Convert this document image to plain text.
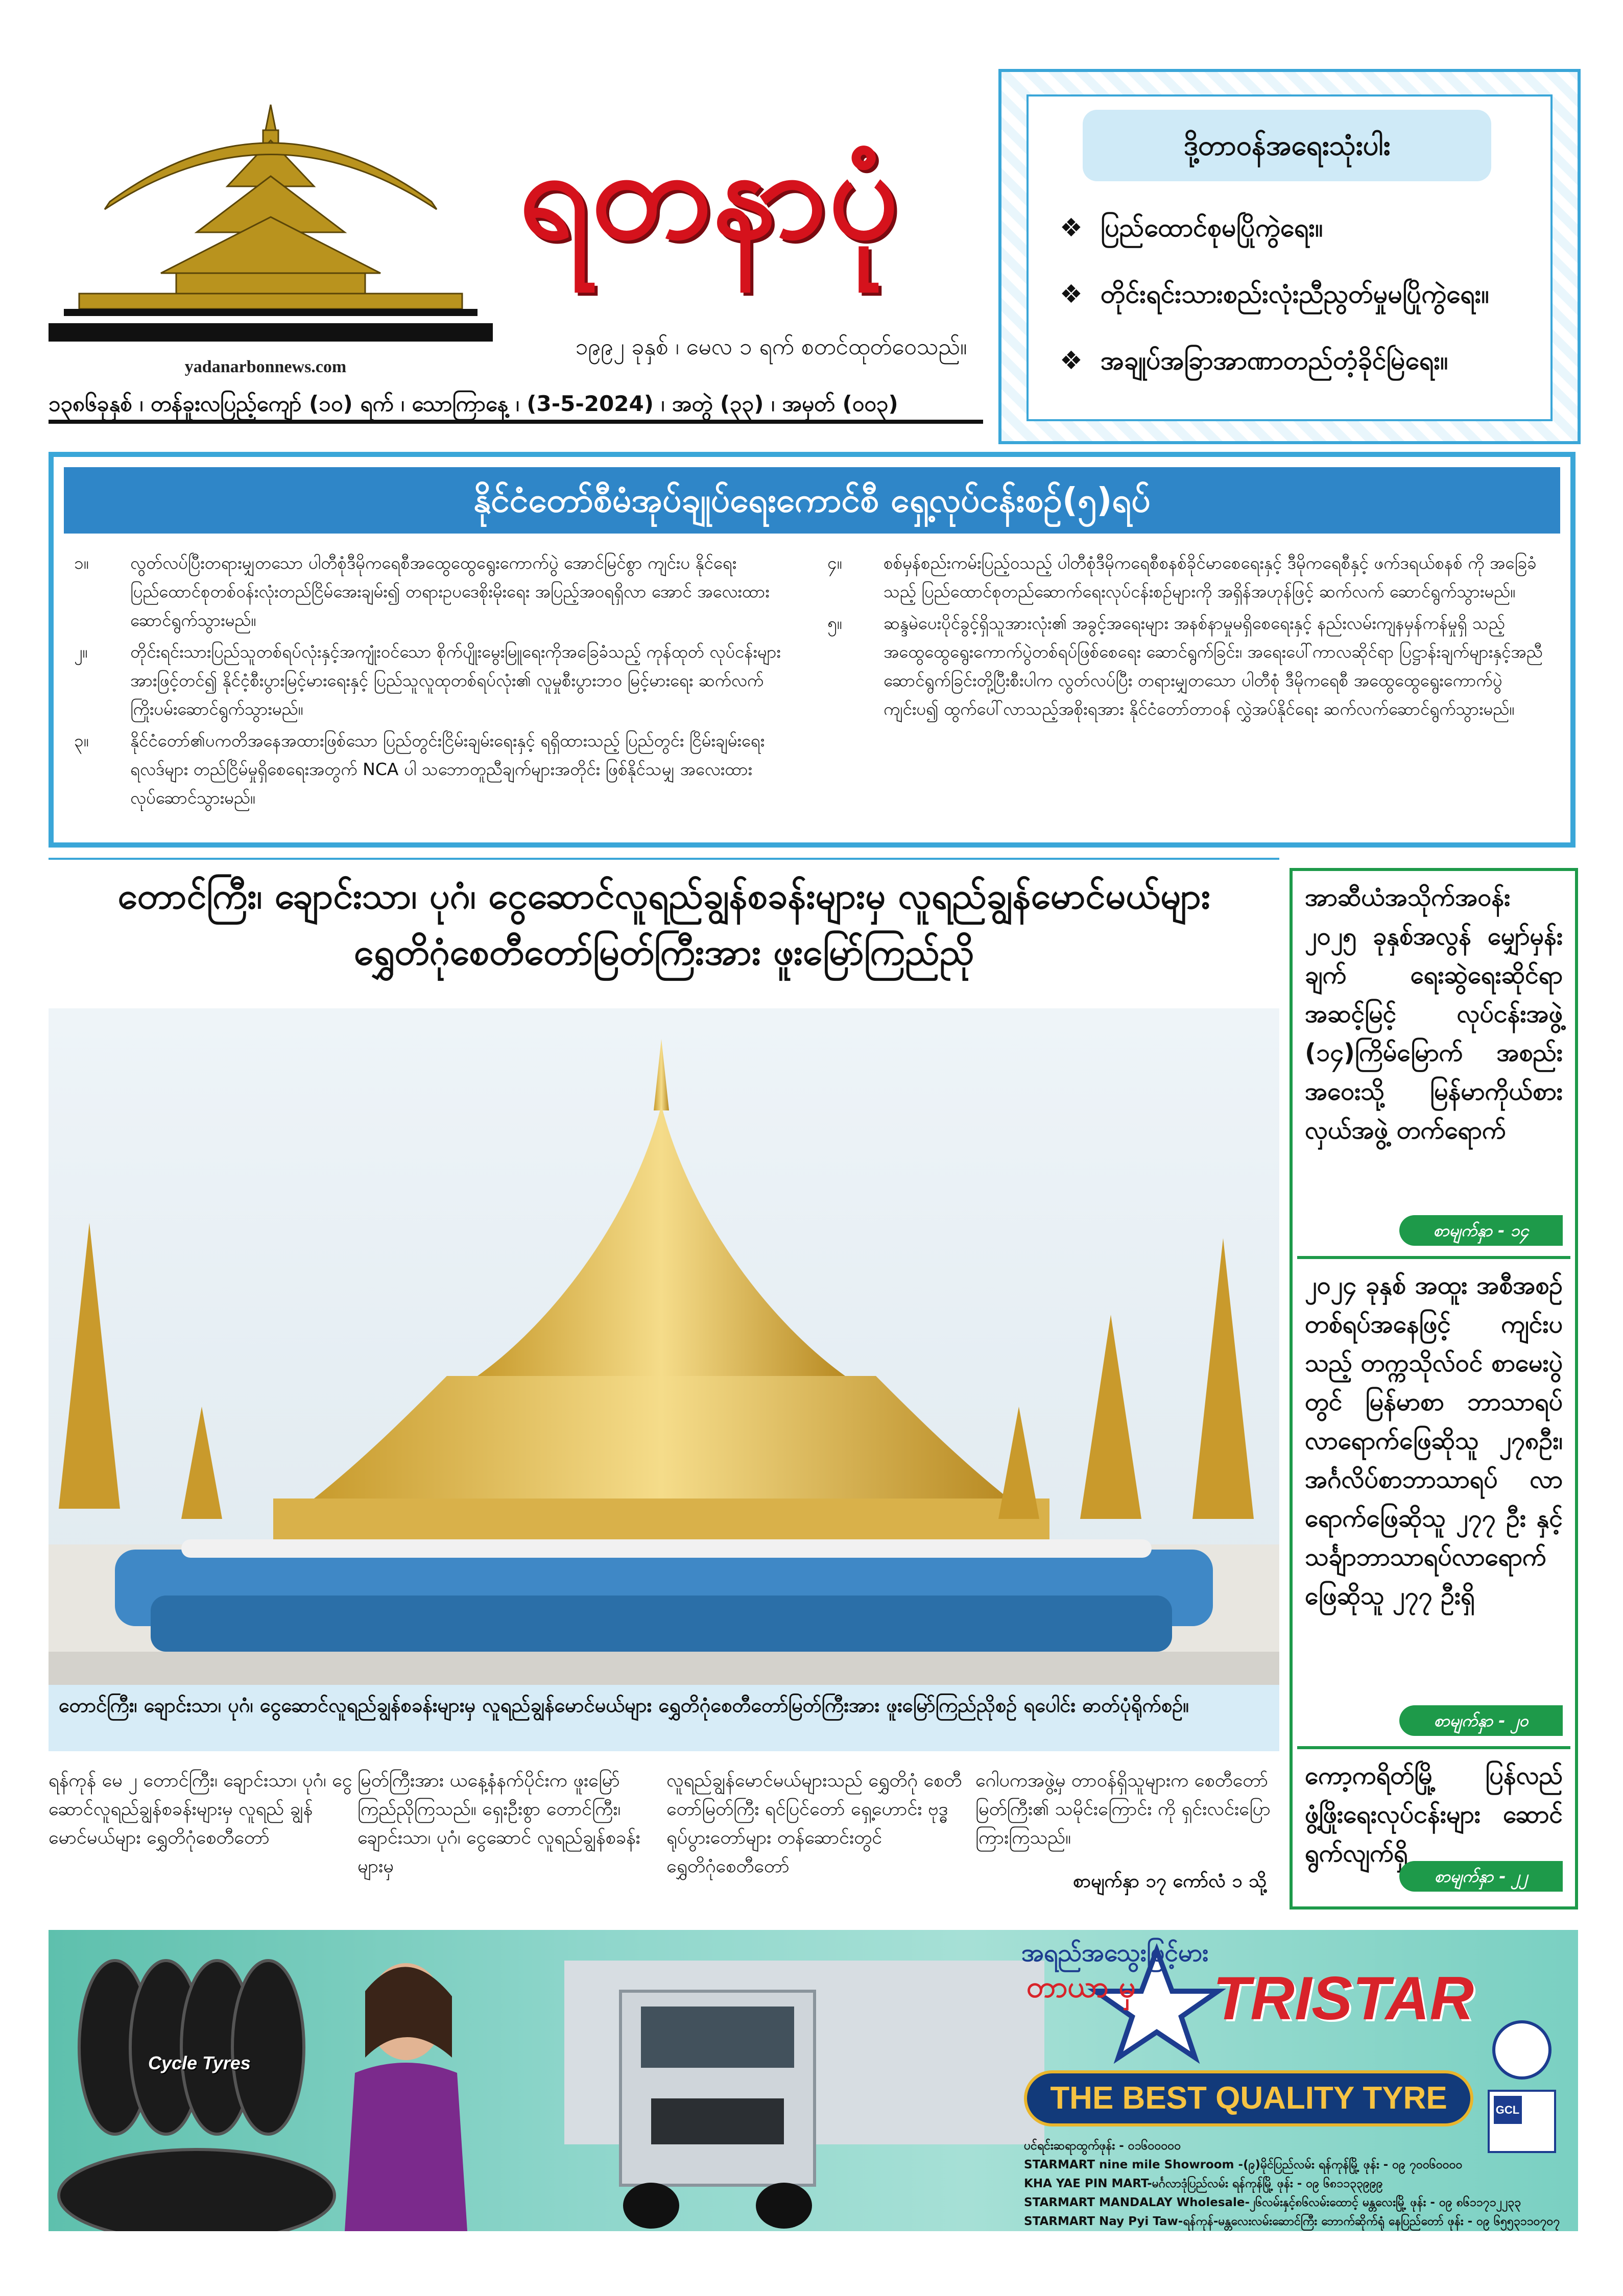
ရတနာပုံ
၁၉၉၂ ခုနှစ် ၊ မေလ ၁ ရက် စတင်ထုတ်ဝေသည်။
yadanarbonnews.com
၁၃၈၆ခုနှစ် ၊ တန်ခူးလပြည့်ကျော် (၁၀) ရက် ၊ သောကြာနေ့ ၊ (3-5-2024) ၊ အတွဲ (၃၃) ၊ အမှတ် (၀၀၃)
ဒို့တာဝန်အရေးသုံးပါး
❖ ပြည်ထောင်စုမပြိုကွဲရေး။
❖ တိုင်းရင်းသားစည်းလုံးညီညွတ်မှုမပြိုကွဲရေး။
❖ အချုပ်အခြာအာဏာတည်တံ့ခိုင်မြဲရေး။
နိုင်ငံတော်စီမံအုပ်ချုပ်ရေးကောင်စီ ရှေ့လုပ်ငန်းစဉ်(၅)ရပ်
၁။	လွတ်လပ်ပြီးတရားမျှတသော ပါတီစုံဒီမိုကရေစီအထွေထွေရွေးကောက်ပွဲ အောင်မြင်စွာ ကျင်းပ နိုင်ရေး ပြည်ထောင်စုတစ်ဝန်းလုံးတည်ငြိမ်အေးချမ်း၍ တရားဥပဒေစိုးမိုးရေး အပြည့်အဝရရှိလာ အောင် အလေးထားဆောင်ရွက်သွားမည်။
၂။	တိုင်းရင်းသားပြည်သူတစ်ရပ်လုံးနှင့်အကျုံးဝင်သော စိုက်ပျိုးမွေးမြူရေးကိုအခြေခံသည့် ကုန်ထုတ် လုပ်ငန်းများအားဖြင့်တင်၍ နိုင်ငံ့စီးပွားမြင့်မားရေးနှင့် ပြည်သူလူထုတစ်ရပ်လုံး၏ လူမှုစီးပွားဘဝ မြင့်မားရေး ဆက်လက်ကြိုးပမ်းဆောင်ရွက်သွားမည်။
၃။	နိုင်ငံတော်၏ပကတိအနေအထားဖြစ်သော ပြည်တွင်းငြိမ်းချမ်းရေးနှင့် ရရှိထားသည့် ပြည်တွင်း ငြိမ်းချမ်းရေးရလဒ်များ တည်ငြိမ်မှုရှိစေရေးအတွက် NCA ပါ သဘောတူညီချက်များအတိုင်း ဖြစ်နိုင်သမျှ အလေးထားလုပ်ဆောင်သွားမည်။
၄။	စစ်မှန်စည်းကမ်းပြည့်ဝသည့် ပါတီစုံဒီမိုကရေစီစနစ်ခိုင်မာစေရေးနှင့် ဒီမိုကရေစီနှင့် ဖက်ဒရယ်စနစ် ကို အခြေခံသည့် ပြည်ထောင်စုတည်ဆောက်ရေးလုပ်ငန်းစဉ်များကို အရှိန်အဟုန်ဖြင့် ဆက်လက် ဆောင်ရွက်သွားမည်။
၅။	ဆန္ဒမဲပေးပိုင်ခွင့်ရှိသူအားလုံး၏ အခွင့်အရေးများ အနစ်နာမှုမရှိစေရေးနှင့် နည်းလမ်းကျနမှန်ကန်မှုရှိ သည့် အထွေထွေရွေးကောက်ပွဲတစ်ရပ်ဖြစ်စေရေး ဆောင်ရွက်ခြင်း၊ အရေးပေါ်ကာလဆိုင်ရာ ပြဋ္ဌာန်းချက်များနှင့်အညီ ဆောင်ရွက်ခြင်းတို့ပြီးစီးပါက လွတ်လပ်ပြီး တရားမျှတသော ပါတီစုံ ဒီမိုကရေစီ အထွေထွေရွေးကောက်ပွဲ ကျင်းပ၍ ထွက်ပေါ်လာသည့်အစိုးရအား နိုင်ငံတော်တာဝန် လွှဲအပ်နိုင်ရေး ဆက်လက်ဆောင်ရွက်သွားမည်။
တောင်ကြီး၊ ချောင်းသာ၊ ပုဂံ၊ ငွေဆောင်လူရည်ချွန်စခန်းများမှ လူရည်ချွန်မောင်မယ်များ
ရွှေတိဂုံစေတီတော်မြတ်ကြီးအား ဖူးမြော်ကြည်ညို
တောင်ကြီး၊ ချောင်းသာ၊ ပုဂံ၊ ငွေဆောင်လူရည်ချွန်စခန်းများမှ လူရည်ချွန်မောင်မယ်များ ရွှေတိဂုံစေတီတော်မြတ်ကြီးအား ဖူးမြော်ကြည်ညိုစဉ် ရပေါင်း ဓာတ်ပုံရိုက်စဉ်။
ရန်ကုန် မေ ၂ တောင်ကြီး၊ ချောင်းသာ၊ ပုဂံ၊ ငွေဆောင်လူရည်ချွန်စခန်းများမှ လူရည် ချွန်မောင်မယ်များ ရွှေတိဂုံစေတီတော်
မြတ်ကြီးအား ယနေ့နံနက်ပိုင်းက ဖူးမြော်ကြည်ညိုကြသည်။ ရှေးဦးစွာ တောင်ကြီး၊ ချောင်းသာ၊ ပုဂံ၊ ငွေဆောင် လူရည်ချွန်စခန်းများမှ
လူရည်ချွန်မောင်မယ်များသည် ရွှေတိဂုံ စေတီတော်မြတ်ကြီး ရင်ပြင်တော် ရှေ့ဟောင်း ဗုဒ္ဓရုပ်ပွားတော်များ တန်ဆောင်းတွင် ရွှေတိဂုံစေတီတော်
ဂေါပကအဖွဲ့မှ တာဝန်ရှိသူများက စေတီတော်မြတ်ကြီး၏ သမိုင်းကြောင်း ကို ရှင်းလင်းပြောကြားကြသည်။
စာမျက်နှာ ၁၇ ကော်လံ ၁ သို့
အာဆီယံအသိုက်အဝန်း ၂၀၂၅ ခုနှစ်အလွန် မျှော်မှန်း ချက် ရေးဆွဲရေးဆိုင်ရာ အဆင့်မြင့် လုပ်ငန်းအဖွဲ့ (၁၄)ကြိမ်မြောက် အစည်း အဝေးသို့ မြန်မာကိုယ်စား လှယ်အဖွဲ့ တက်ရောက်
စာမျက်နှာ - ၁၄
၂၀၂၄ ခုနှစ် အထူး အစီအစဉ် တစ်ရပ်အနေဖြင့် ကျင်းပသည့် တက္ကသိုလ်ဝင် စာမေးပွဲတွင် မြန်မာစာ ဘာသာရပ်လာရောက်ဖြေဆိုသူ ၂၇၈ဦး၊ အင်္ဂလိပ်စာဘာသာရပ် လာရောက်ဖြေဆိုသူ ၂၇၇ ဦး နှင့်သင်္ချာဘာသာရပ်လာရောက် ဖြေဆိုသူ ၂၇၇ ဦးရှိ
စာမျက်နှာ - ၂၀
ကော့ကရိတ်မြို့ ပြန်လည် ဖွံ့ဖြိုးရေးလုပ်ငန်းများ ဆောင် ရွက်လျက်ရှိ
စာမျက်နှာ - ၂၂
Cycle Tyres
အရည်အသွေးမြင့်မား
တာယာ မှ	TRISTAR
THE BEST QUALITY TYRE
ပင်ရင်းဆရာထွက်ဖုန်း - ၀၁၆၀၀၀၀၀
STARMART nine mile Showroom -(၉)မိုင်ပြည်လမ်း ရန်ကုန်မြို့ ဖုန်း - ၀၉ ၇၀၀၆၀၀၀၀
KHA YAE PIN MART-မင်္ဂလာဒုံပြည်လမ်း ရန်ကုန်မြို့ ဖုန်း - ၀၉ ၆၈၁၁၃၃၉၉၉
STARMART MANDALAY Wholesale-၂၆လမ်းနှင့်၈၆လမ်းထောင့် မန္တလေးမြို့ ဖုန်း - ၀၉ ၈၆၁၁၇၁၂၂၃၃
STARMART Nay Pyi Taw-ရန်ကုန်-မန္တလေးလမ်းဆောင်ကြီး ဘောက်ဆိုက်ရုံ နေပြည်တော် ဖုန်း - ၀၉ ၆၅၅၃၁၁၀၇၀၇
GCL
